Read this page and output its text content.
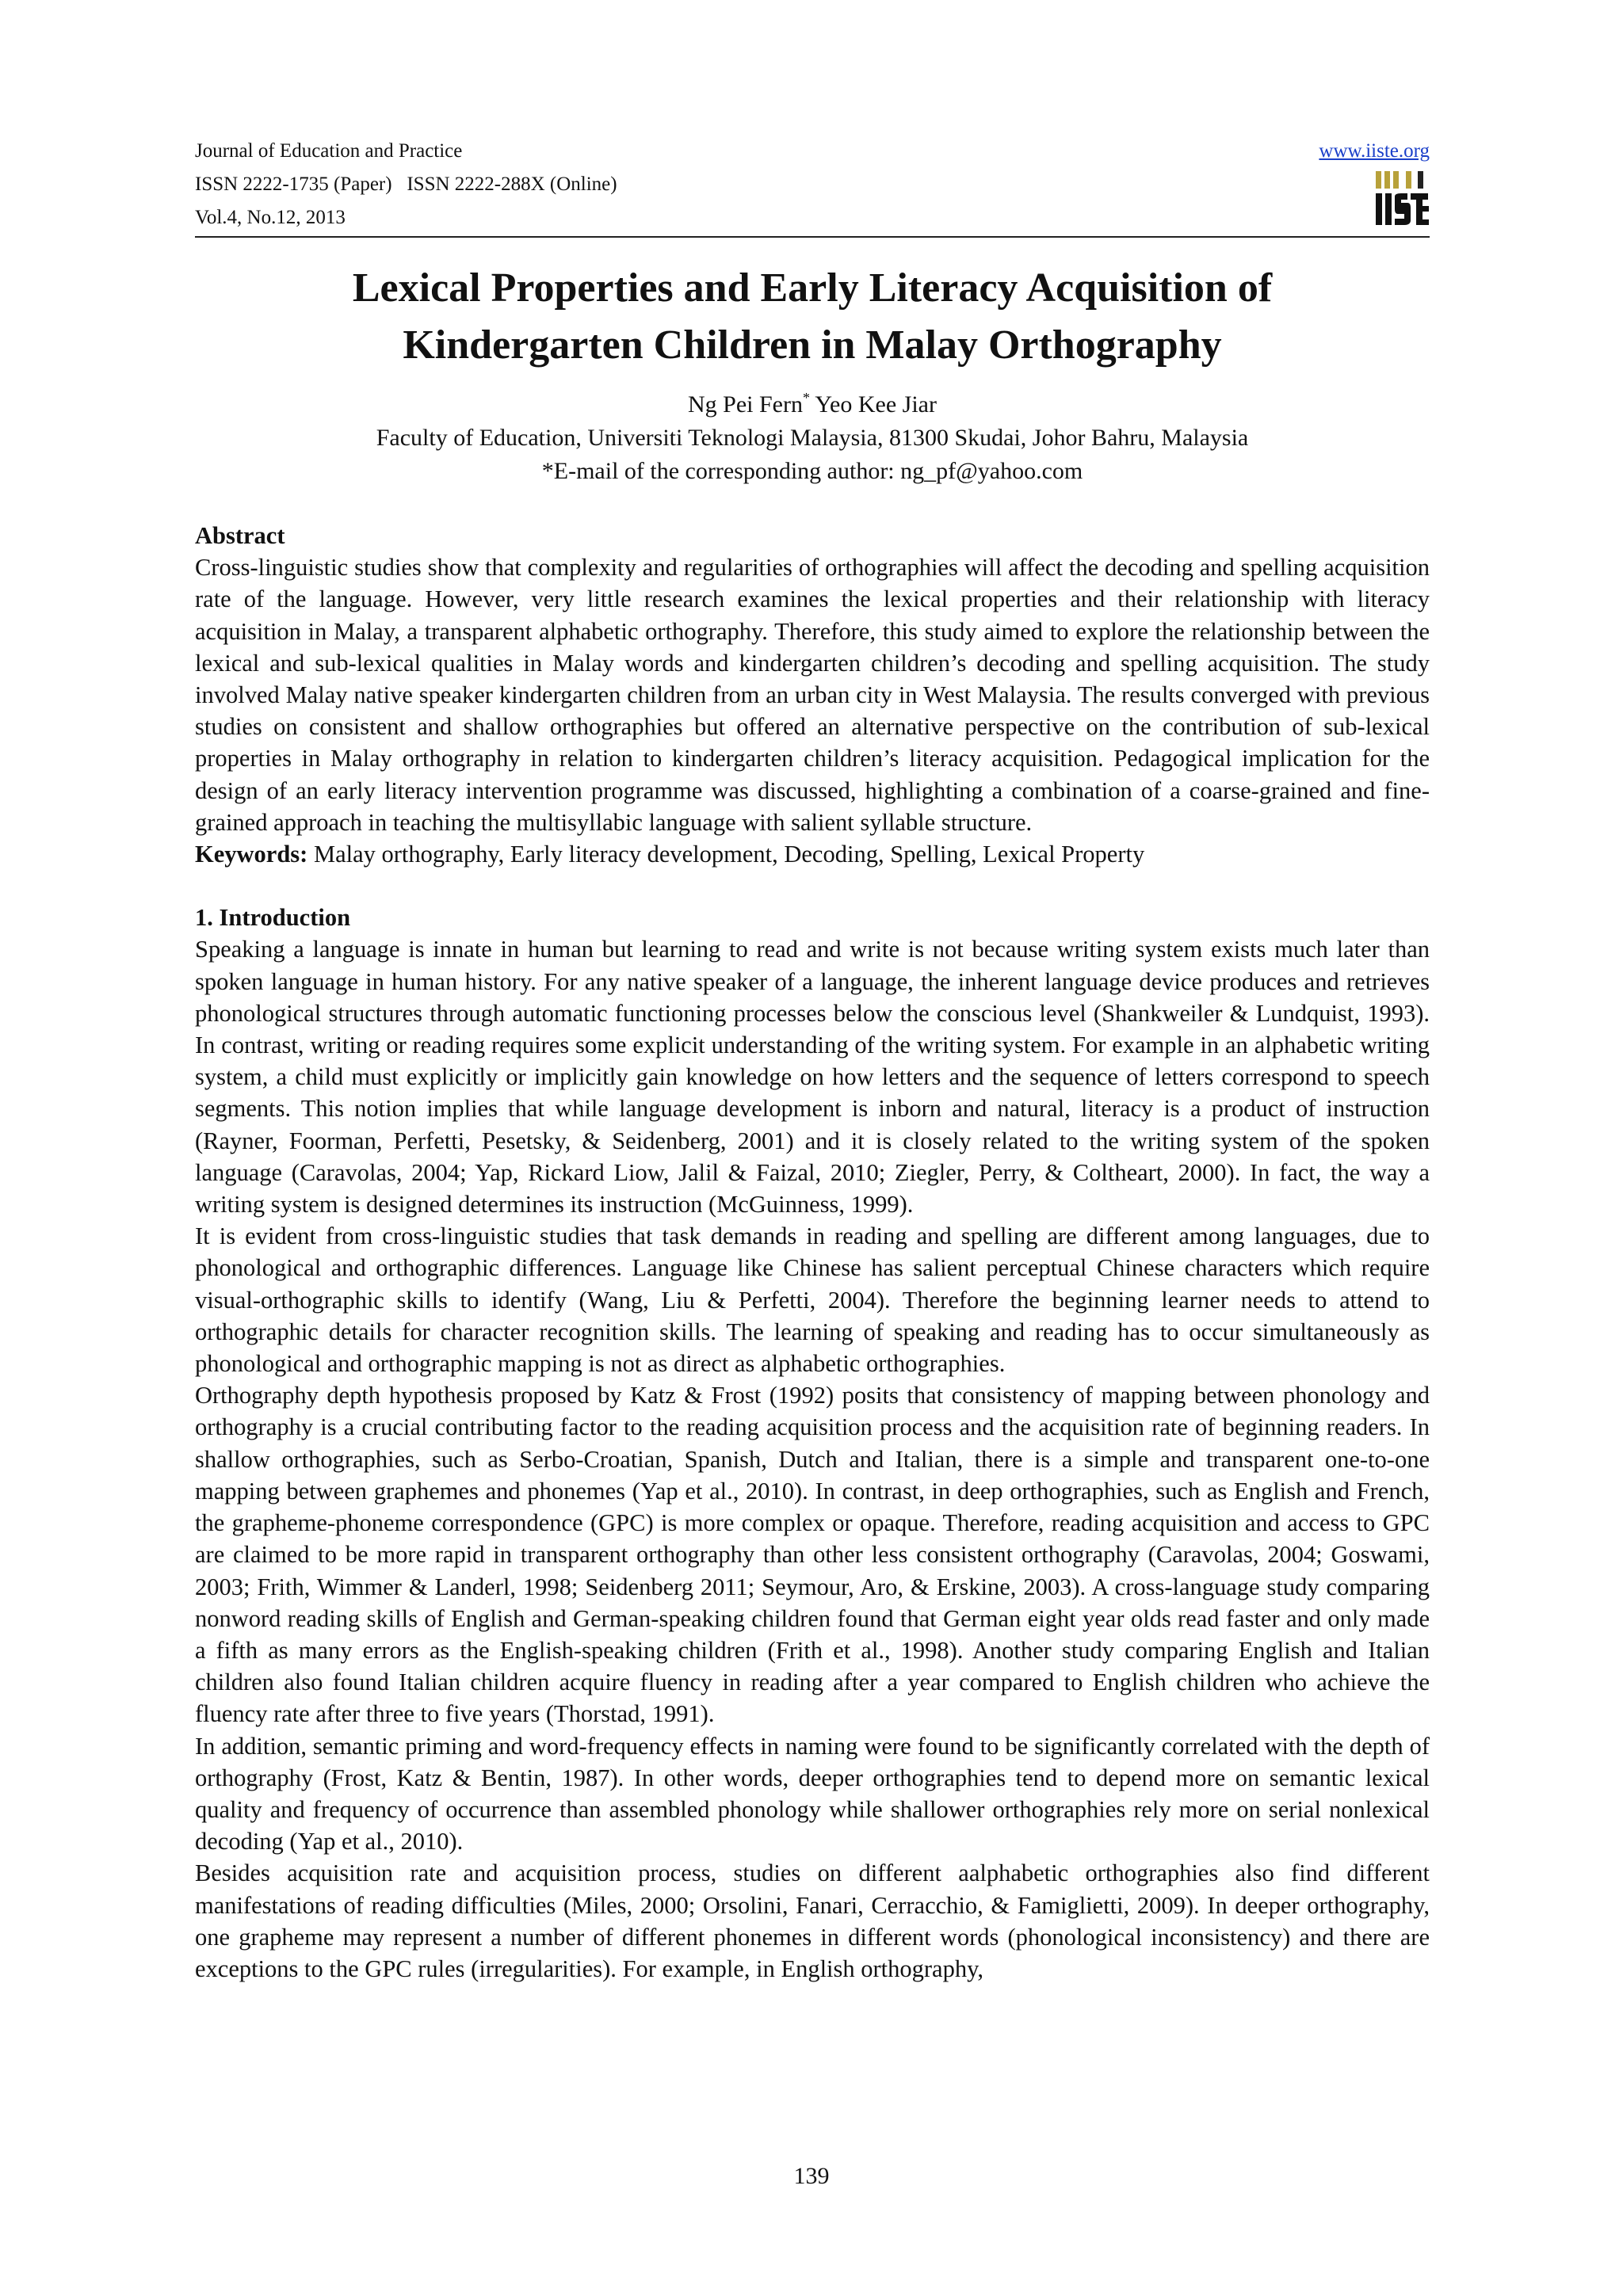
Journal of Education and Practice
ISSN 2222-1735 (Paper)   ISSN 2222-288X (Online)
Vol.4, No.12, 2013
www.iiste.org
Lexical Properties and Early Literacy Acquisition of
Kindergarten Children in Malay Orthography
Ng Pei Fern* Yeo Kee Jiar
Faculty of Education, Universiti Teknologi Malaysia, 81300 Skudai, Johor Bahru, Malaysia
*E-mail of the corresponding author: ng_pf@yahoo.com
Abstract

Cross-linguistic studies show that complexity and regularities of orthographies will affect the decoding and spelling acquisition rate of the language. However, very little research examines the lexical properties and their relationship with literacy acquisition in Malay, a transparent alphabetic orthography. Therefore, this study aimed to explore the relationship between the lexical and sub-lexical qualities in Malay words and kindergarten children’s decoding and spelling acquisition. The study involved Malay native speaker kindergarten children from an urban city in West Malaysia. The results converged with previous studies on consistent and shallow orthographies but offered an alternative perspective on the contribution of sub-lexical properties in Malay orthography in relation to kindergarten children’s literacy acquisition. Pedagogical implication for the design of an early literacy intervention programme was discussed, highlighting a combination of a coarse-grained and fine-grained approach in teaching the multisyllabic language with salient syllable structure.

Keywords: Malay orthography, Early literacy development, Decoding, Spelling, Lexical Property

1. Introduction

Speaking a language is innate in human but learning to read and write is not because writing system exists much later than spoken language in human history. For any native speaker of a language, the inherent language device produces and retrieves phonological structures through automatic functioning processes below the conscious level (Shankweiler & Lundquist, 1993). In contrast, writing or reading requires some explicit understanding of the writing system. For example in an alphabetic writing system, a child must explicitly or implicitly gain knowledge on how letters and the sequence of letters correspond to speech segments. This notion implies that while language development is inborn and natural, literacy is a product of instruction (Rayner, Foorman, Perfetti, Pesetsky, & Seidenberg, 2001) and it is closely related to the writing system of the spoken language (Caravolas, 2004; Yap, Rickard Liow, Jalil & Faizal, 2010; Ziegler, Perry, & Coltheart, 2000). In fact, the way a writing system is designed determines its instruction (McGuinness, 1999).

It is evident from cross-linguistic studies that task demands in reading and spelling are different among languages, due to phonological and orthographic differences. Language like Chinese has salient perceptual Chinese characters which require visual-orthographic skills to identify (Wang, Liu & Perfetti, 2004). Therefore the beginning learner needs to attend to orthographic details for character recognition skills. The learning of speaking and reading has to occur simultaneously as phonological and orthographic mapping is not as direct as alphabetic orthographies.

Orthography depth hypothesis proposed by Katz & Frost (1992) posits that consistency of mapping between phonology and orthography is a crucial contributing factor to the reading acquisition process and the acquisition rate of beginning readers. In shallow orthographies, such as Serbo-Croatian, Spanish, Dutch and Italian, there is a simple and transparent one-to-one mapping between graphemes and phonemes (Yap et al., 2010). In contrast, in deep orthographies, such as English and French, the grapheme-phoneme correspondence (GPC) is more complex or opaque. Therefore, reading acquisition and access to GPC are claimed to be more rapid in transparent orthography than other less consistent orthography (Caravolas, 2004; Goswami, 2003; Frith, Wimmer & Landerl, 1998; Seidenberg 2011; Seymour, Aro, & Erskine, 2003). A cross-language study comparing nonword reading skills of English and German-speaking children found that German eight year olds read faster and only made a fifth as many errors as the English-speaking children (Frith et al., 1998). Another study comparing English and Italian children also found Italian children acquire fluency in reading after a year compared to English children who achieve the fluency rate after three to five years (Thorstad, 1991).

In addition, semantic priming and word-frequency effects in naming were found to be significantly correlated with the depth of orthography (Frost, Katz & Bentin, 1987). In other words, deeper orthographies tend to depend more on semantic lexical quality and frequency of occurrence than assembled phonology while shallower orthographies rely more on serial nonlexical decoding (Yap et al., 2010).

Besides acquisition rate and acquisition process, studies on different aalphabetic orthographies also find different manifestations of reading difficulties (Miles, 2000; Orsolini, Fanari, Cerracchio, & Famiglietti, 2009). In deeper orthography, one grapheme may represent a number of different phonemes in different words (phonological inconsistency) and there are exceptions to the GPC rules (irregularities). For example, in English orthography,

139
